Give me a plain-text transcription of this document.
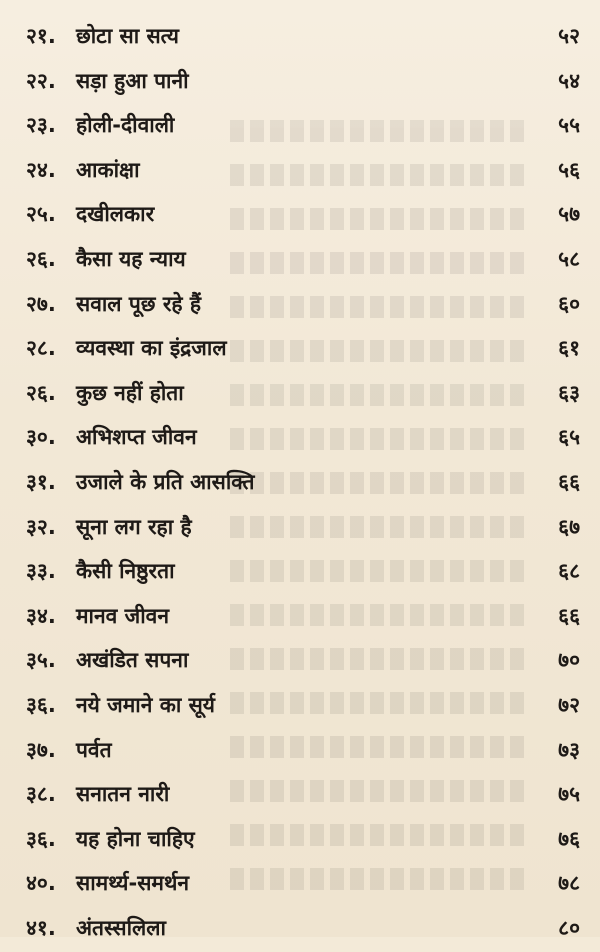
२१. छोटा सा सत्य	५२
२२. सड़ा हुआ पानी	५४
२३. होली-दीवाली	५५
२४. आकांक्षा	५६
२५. दखीलकार	५७
२६. कैसा यह न्याय	५८
२७. सवाल पूछ रहे हैं	६०
२८. व्यवस्था का इंद्रजाल	६१
२६. कुछ नहीं होता	६३
३०. अभिशप्त जीवन	६५
३१. उजाले के प्रति आसक्ति	६६
३२. सूना लग रहा है	६७
३३. कैसी निष्ठुरता	६८
३४. मानव जीवन	६६
३५. अखंडित सपना	७०
३६. नये जमाने का सूर्य	७२
३७. पर्वत	७३
३८. सनातन नारी	७५
३६. यह होना चाहिए	७६
४०. सामर्थ्य-समर्थन	७८
४१. अंतस्सलिला	८०
